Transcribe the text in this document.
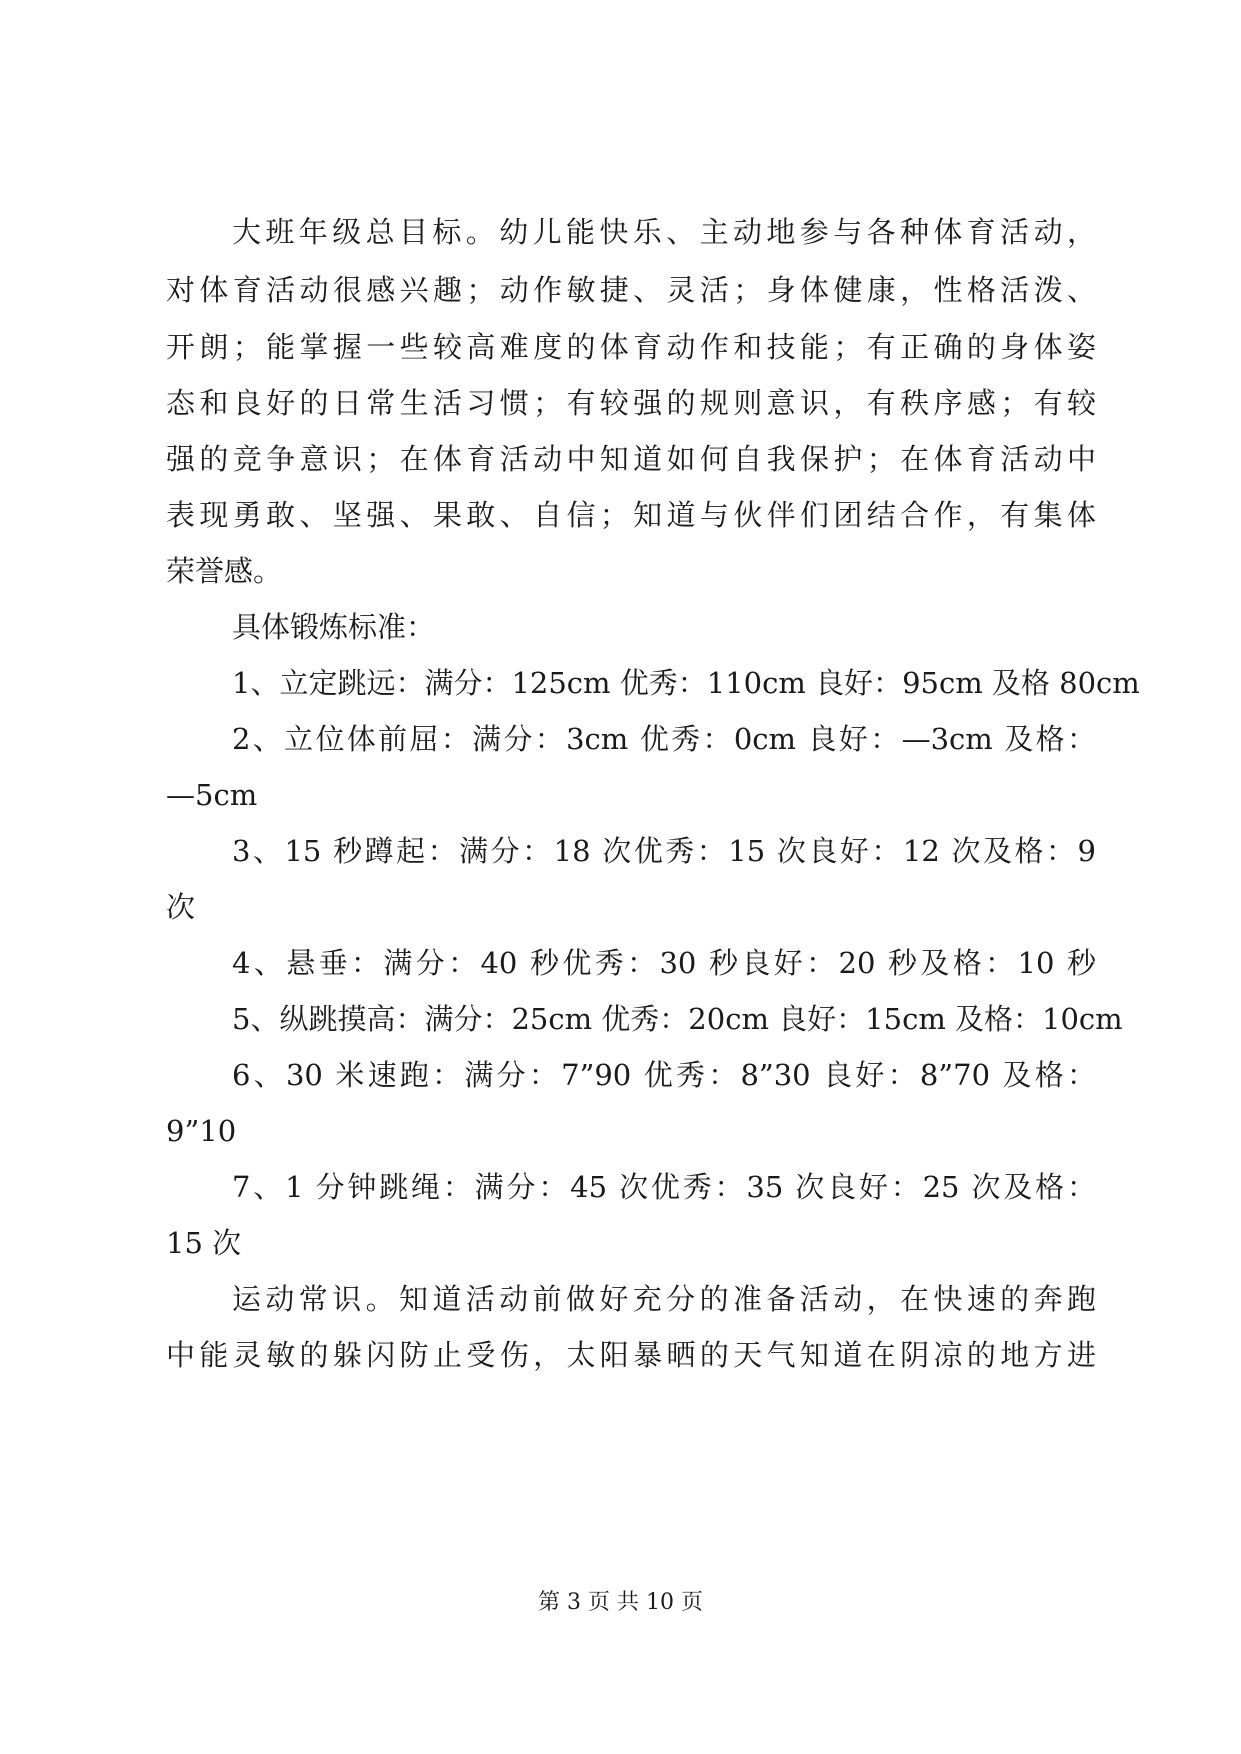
大班年级总目标。幼儿能快乐、主动地参与各种体育活动，

对体育活动很感兴趣；动作敏捷、灵活；身体健康，性格活泼、

开朗；能掌握一些较高难度的体育动作和技能；有正确的身体姿

态和良好的日常生活习惯；有较强的规则意识，有秩序感；有较

强的竞争意识；在体育活动中知道如何自我保护；在体育活动中

表现勇敢、坚强、果敢、自信；知道与伙伴们团结合作，有集体

荣誉感。

具体锻炼标准：

1、立定跳远：满分：125cm 优秀：110cm 良好：95cm 及格 80cm

2、立位体前屈：满分：3cm 优秀：0cm 良好：—3cm 及格：

—5cm

3、15 秒蹲起：满分：18 次优秀：15 次良好：12 次及格：9

次

4、悬垂：满分：40 秒优秀：30 秒良好：20 秒及格：10 秒

5、纵跳摸高：满分：25cm 优秀：20cm 良好：15cm 及格：10cm

6、30 米速跑：满分：7”90 优秀：8”30 良好：8”70 及格：

9”10

7、1 分钟跳绳：满分：45 次优秀：35 次良好：25 次及格：

15 次

运动常识。知道活动前做好充分的准备活动，在快速的奔跑

中能灵敏的躲闪防止受伤，太阳暴晒的天气知道在阴凉的地方进

第 3 页 共 10 页
